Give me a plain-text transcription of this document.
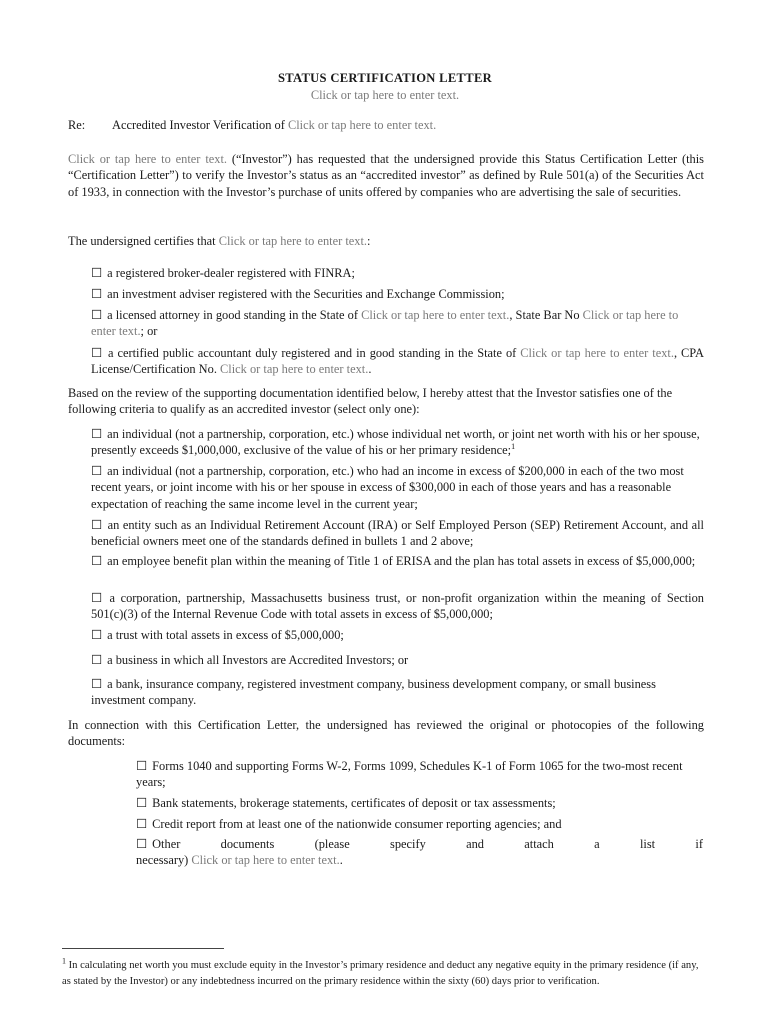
STATUS CERTIFICATION LETTER
Click or tap here to enter text.
Re: Accredited Investor Verification of Click or tap here to enter text.
Click or tap here to enter text. (“Investor”) has requested that the undersigned provide this Status Certification Letter (this “Certification Letter”) to verify the Investor’s status as an “accredited investor” as defined by Rule 501(a) of the Securities Act of 1933, in connection with the Investor’s purchase of units offered by companies who are advertising the sale of securities.
The undersigned certifies that Click or tap here to enter text.:
☐ a registered broker-dealer registered with FINRA;
☐ an investment adviser registered with the Securities and Exchange Commission;
☐ a licensed attorney in good standing in the State of Click or tap here to enter text., State Bar No Click or tap here to enter text.; or
☐ a certified public accountant duly registered and in good standing in the State of Click or tap here to enter text., CPA License/Certification No. Click or tap here to enter text..
Based on the review of the supporting documentation identified below, I hereby attest that the Investor satisfies one of the following criteria to qualify as an accredited investor (select only one):
☐ an individual (not a partnership, corporation, etc.) whose individual net worth, or joint net worth with his or her spouse, presently exceeds $1,000,000, exclusive of the value of his or her primary residence;$^1$
☐ an individual (not a partnership, corporation, etc.) who had an income in excess of $200,000 in each of the two most recent years, or joint income with his or her spouse in excess of $300,000 in each of those years and has a reasonable expectation of reaching the same income level in the current year;
☐ an entity such as an Individual Retirement Account (IRA) or Self Employed Person (SEP) Retirement Account, and all beneficial owners meet one of the standards defined in bullets 1 and 2 above;
☐ an employee benefit plan within the meaning of Title 1 of ERISA and the plan has total assets in excess of $5,000,000;
☐ a corporation, partnership, Massachusetts business trust, or non-profit organization within the meaning of Section 501(c)(3) of the Internal Revenue Code with total assets in excess of $5,000,000;
☐ a trust with total assets in excess of $5,000,000;
☐ a business in which all Investors are Accredited Investors; or
☐ a bank, insurance company, registered investment company, business development company, or small business investment company.
In connection with this Certification Letter, the undersigned has reviewed the original or photocopies of the following documents:
☐ Forms 1040 and supporting Forms W-2, Forms 1099, Schedules K-1 of Form 1065 for the two-most recent years;
☐ Bank statements, brokerage statements, certificates of deposit or tax assessments;
☐ Credit report from at least one of the nationwide consumer reporting agencies; and
☐ Other	documents	(please	specify	and	attach	a	list	if
necessary) Click or tap here to enter text..
$^1$ In calculating net worth you must exclude equity in the Investor’s primary residence and deduct any negative equity in the primary residence (if any, as stated by the Investor) or any indebtedness incurred on the primary residence within the sixty (60) days prior to verification.
